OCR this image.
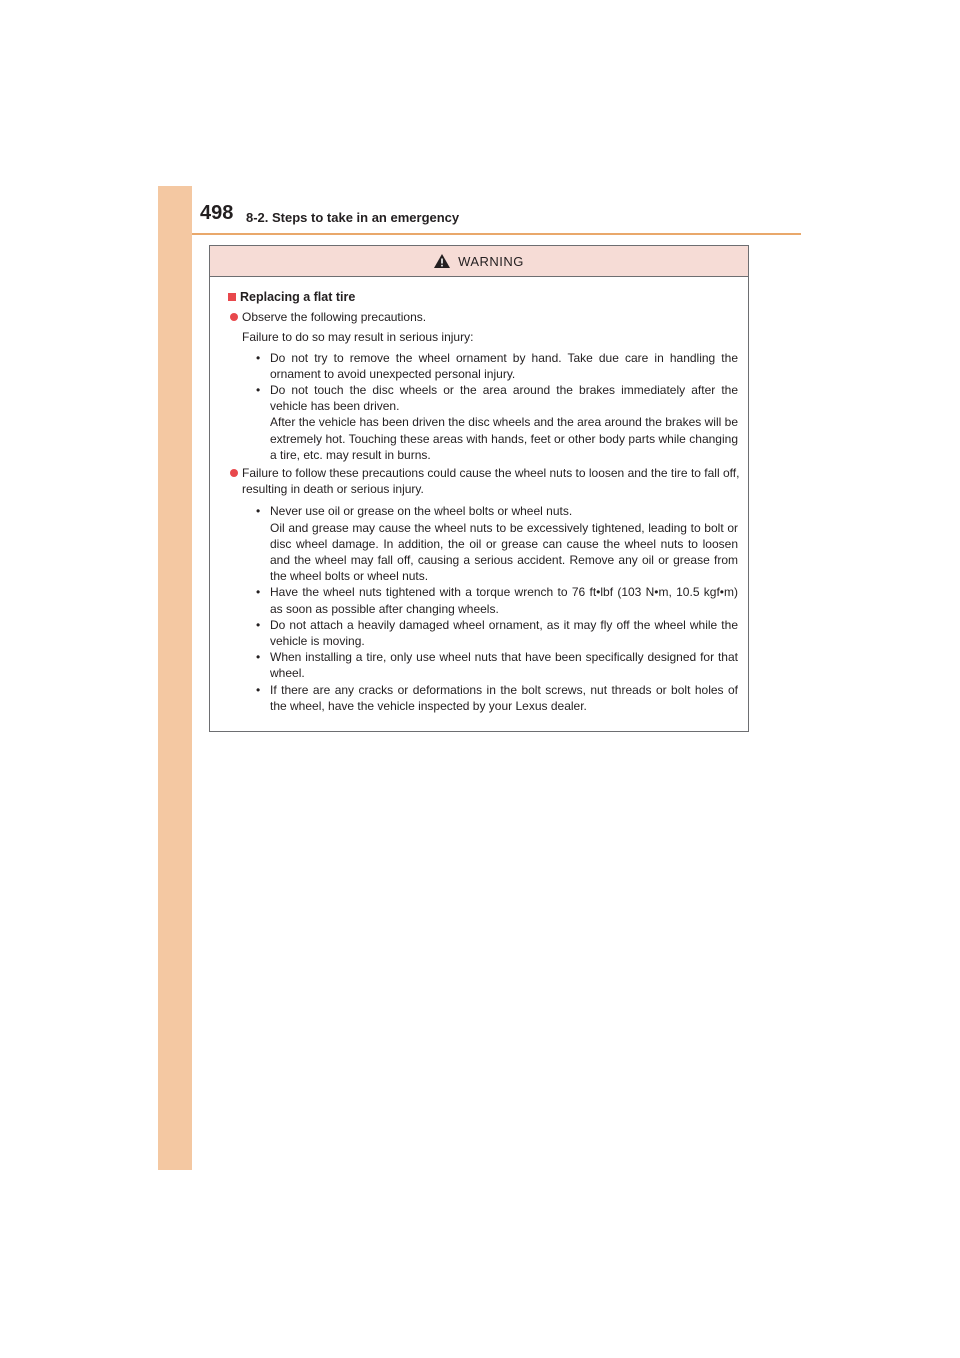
498 8-2. Steps to take in an emergency
WARNING
Replacing a flat tire
Observe the following precautions.
Failure to do so may result in serious injury:
• Do not try to remove the wheel ornament by hand. Take due care in handling the ornament to avoid unexpected personal injury.
• Do not touch the disc wheels or the area around the brakes immediately after the vehicle has been driven.
After the vehicle has been driven the disc wheels and the area around the brakes will be extremely hot. Touching these areas with hands, feet or other body parts while changing a tire, etc. may result in burns.
Failure to follow these precautions could cause the wheel nuts to loosen and the tire to fall off, resulting in death or serious injury.
• Never use oil or grease on the wheel bolts or wheel nuts.
Oil and grease may cause the wheel nuts to be excessively tightened, leading to bolt or disc wheel damage. In addition, the oil or grease can cause the wheel nuts to loosen and the wheel may fall off, causing a serious accident. Remove any oil or grease from the wheel bolts or wheel nuts.
• Have the wheel nuts tightened with a torque wrench to 76 ft•lbf (103 N•m, 10.5 kgf•m) as soon as possible after changing wheels.
• Do not attach a heavily damaged wheel ornament, as it may fly off the wheel while the vehicle is moving.
• When installing a tire, only use wheel nuts that have been specifically designed for that wheel.
• If there are any cracks or deformations in the bolt screws, nut threads or bolt holes of the wheel, have the vehicle inspected by your Lexus dealer.
